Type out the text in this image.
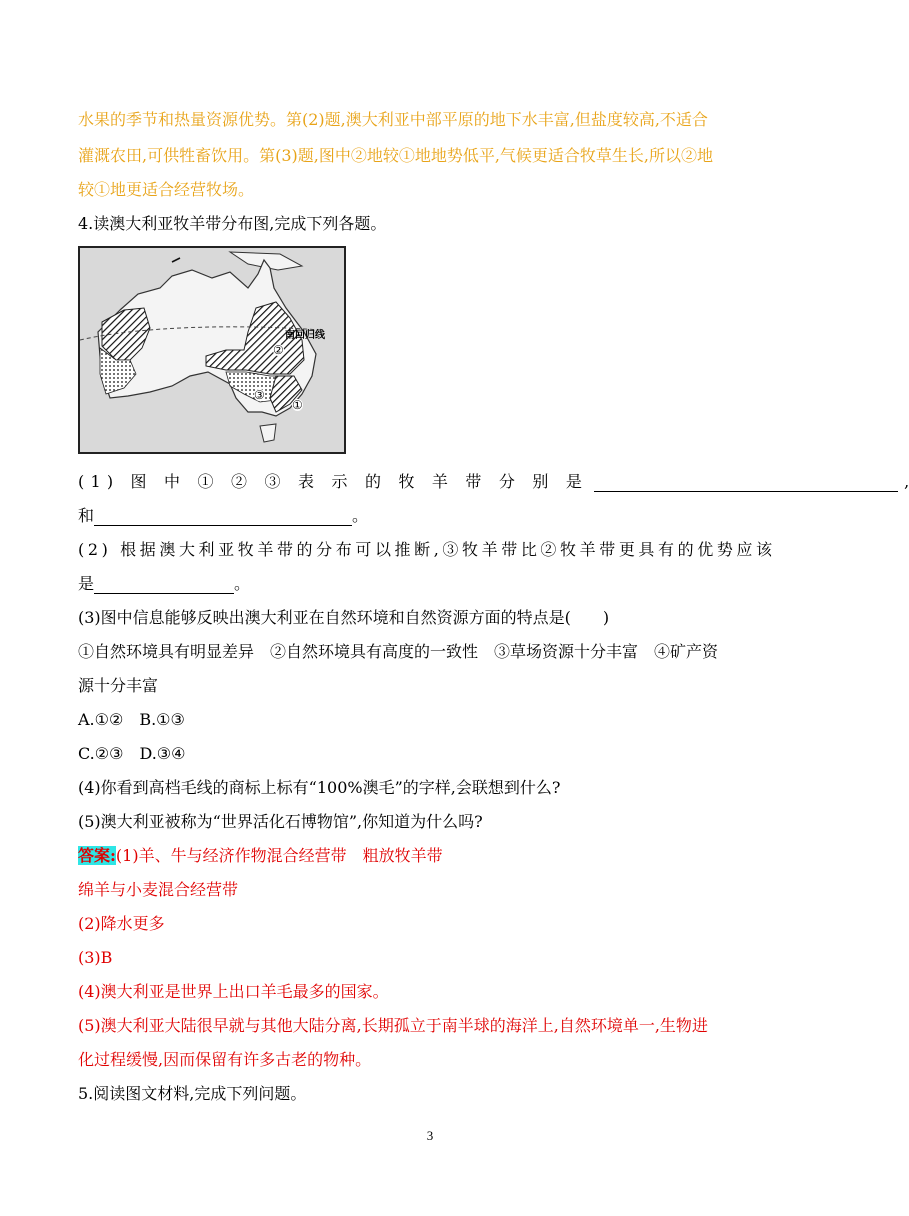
水果的季节和热量资源优势。第(2)题,澳大利亚中部平原的地下水丰富,但盐度较高,不适合
灌溉农田,可供牲畜饮用。第(3)题,图中②地较①地地势低平,气候更适合牧草生长,所以②地
较①地更适合经营牧场。
4.读澳大利亚牧羊带分布图,完成下列各题。
南回归线
②
③
①
(1) 图 中 ① ② ③ 表 示 的 牧 羊 带 分 别 是	,
和	。
(2) 根据澳大利亚牧羊带的分布可以推断,③牧羊带比②牧羊带更具有的优势应该
是	。
(3)图中信息能够反映出澳大利亚在自然环境和自然资源方面的特点是(　　)
①自然环境具有明显差异　②自然环境具有高度的一致性　③草场资源十分丰富　④矿产资
源十分丰富
A.①②　B.①③
C.②③　D.③④
(4)你看到高档毛线的商标上标有“100%澳毛”的字样,会联想到什么?
(5)澳大利亚被称为“世界活化石博物馆”,你知道为什么吗?
答案:(1)羊、牛与经济作物混合经营带　粗放牧羊带
绵羊与小麦混合经营带
(2)降水更多
(3)B
(4)澳大利亚是世界上出口羊毛最多的国家。
(5)澳大利亚大陆很早就与其他大陆分离,长期孤立于南半球的海洋上,自然环境单一,生物进
化过程缓慢,因而保留有许多古老的物种。
5.阅读图文材料,完成下列问题。
3
